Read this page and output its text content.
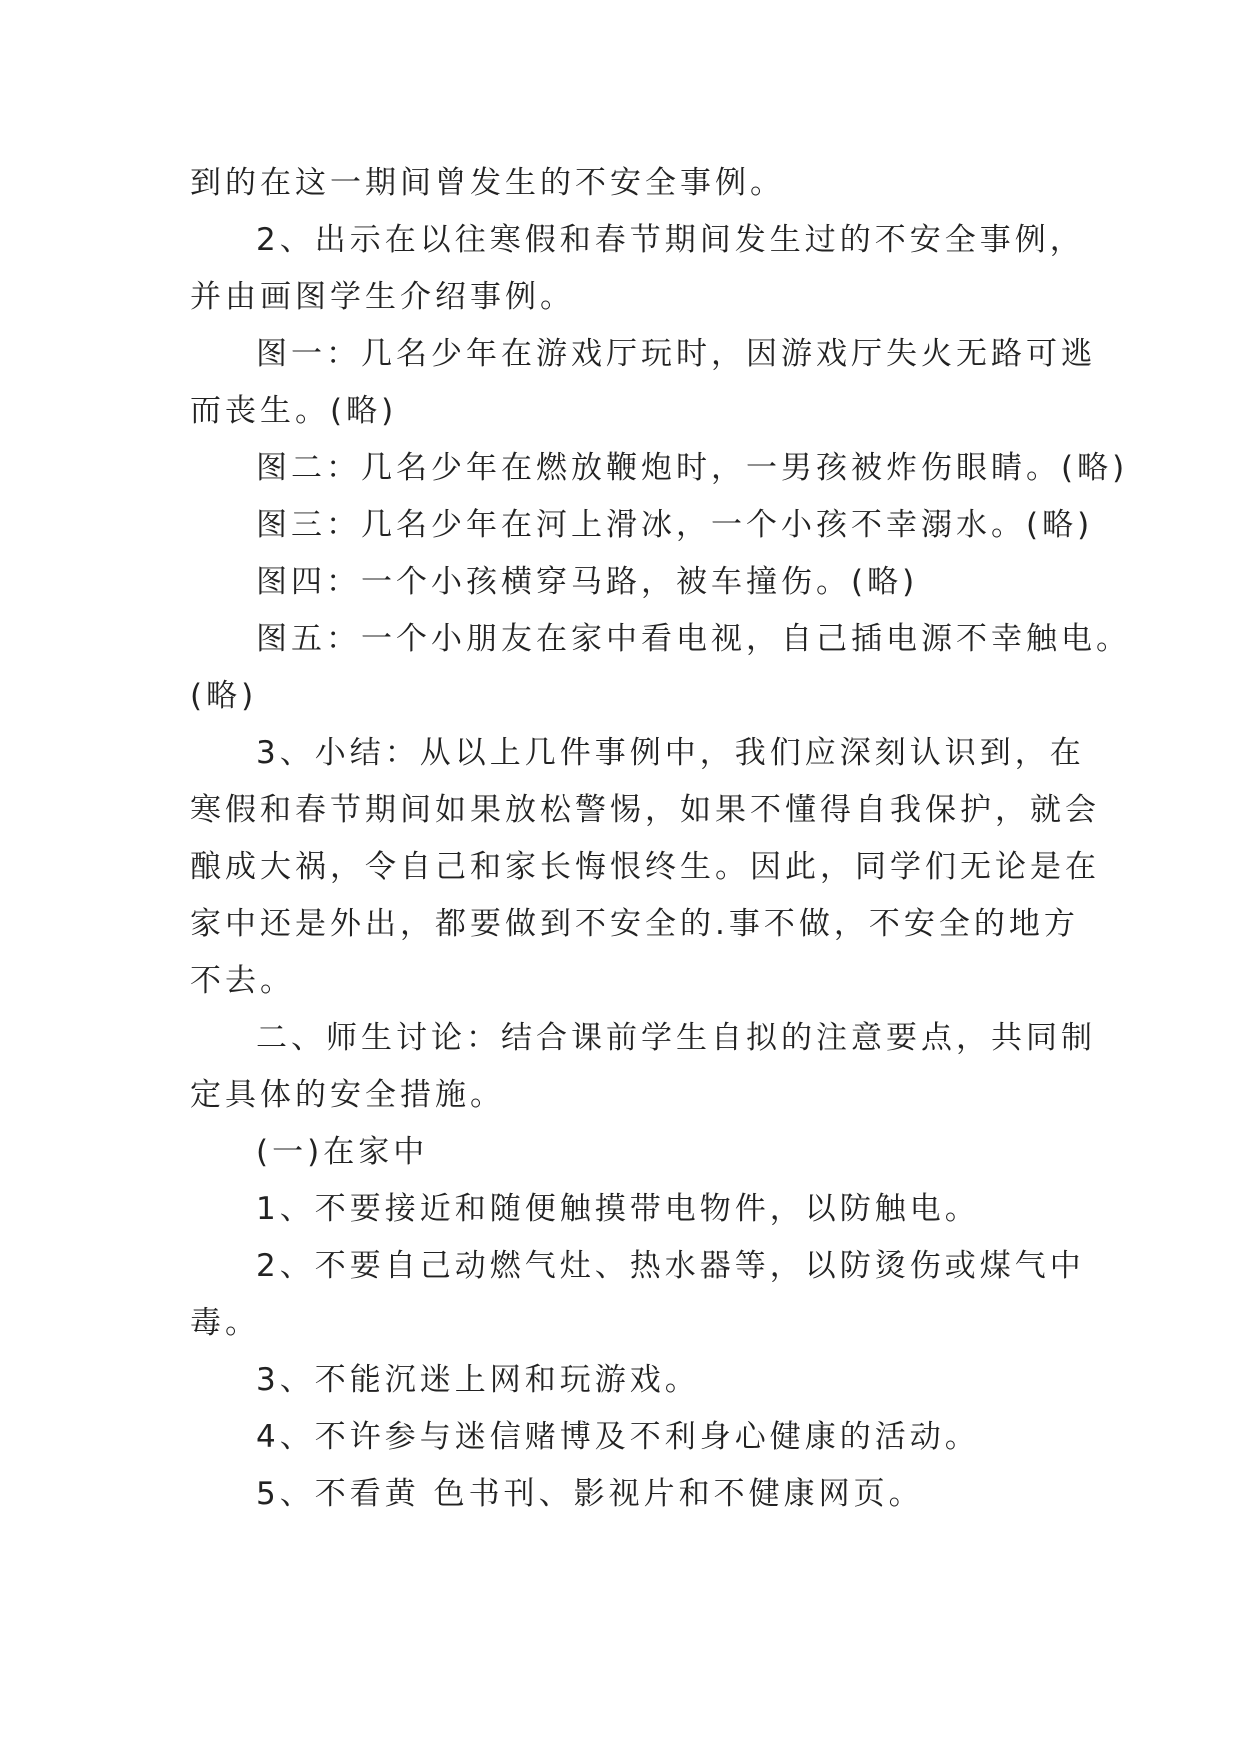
到的在这一期间曾发生的不安全事例。
2、出示在以往寒假和春节期间发生过的不安全事例，
并由画图学生介绍事例。
图一：几名少年在游戏厅玩时，因游戏厅失火无路可逃
而丧生。(略)
图二：几名少年在燃放鞭炮时，一男孩被炸伤眼睛。(略)
图三：几名少年在河上滑冰，一个小孩不幸溺水。(略)
图四：一个小孩横穿马路，被车撞伤。(略)
图五：一个小朋友在家中看电视，自己插电源不幸触电。
(略)
3、小结：从以上几件事例中，我们应深刻认识到，在
寒假和春节期间如果放松警惕，如果不懂得自我保护，就会
酿成大祸，令自己和家长悔恨终生。因此，同学们无论是在
家中还是外出，都要做到不安全的.事不做，不安全的地方
不去。
二、师生讨论：结合课前学生自拟的注意要点，共同制
定具体的安全措施。
(一)在家中
1、不要接近和随便触摸带电物件，以防触电。
2、不要自己动燃气灶、热水器等，以防烫伤或煤气中
毒。
3、不能沉迷上网和玩游戏。
4、不许参与迷信赌博及不利身心健康的活动。
5、不看黄 色书刊、影视片和不健康网页。
